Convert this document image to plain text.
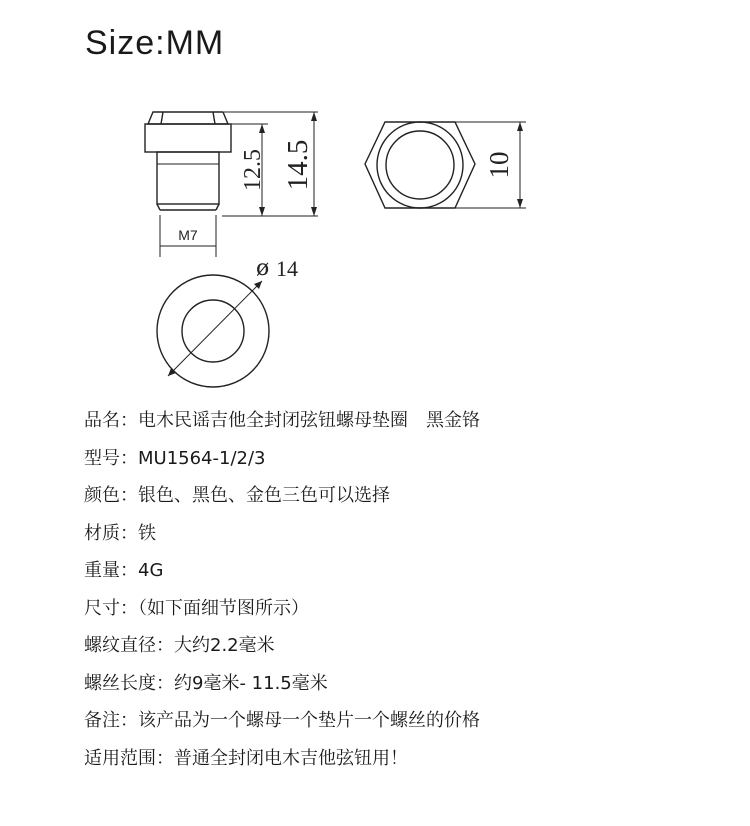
Size:MM
M7
12.5 14.5	10
ø 14
品名：电木民谣吉他全封闭弦钮螺母垫圈　黑金铬
型号：MU1564-1/2/3
颜色：银色、黑色、金色三色可以选择
材质：铁
重量：4G
尺寸：（如下面细节图所示）
螺纹直径：大约2.2毫米
螺丝长度：约9毫米- 11.5毫米
备注：该产品为一个螺母一个垫片一个螺丝的价格
适用范围：普通全封闭电木吉他弦钮用！
